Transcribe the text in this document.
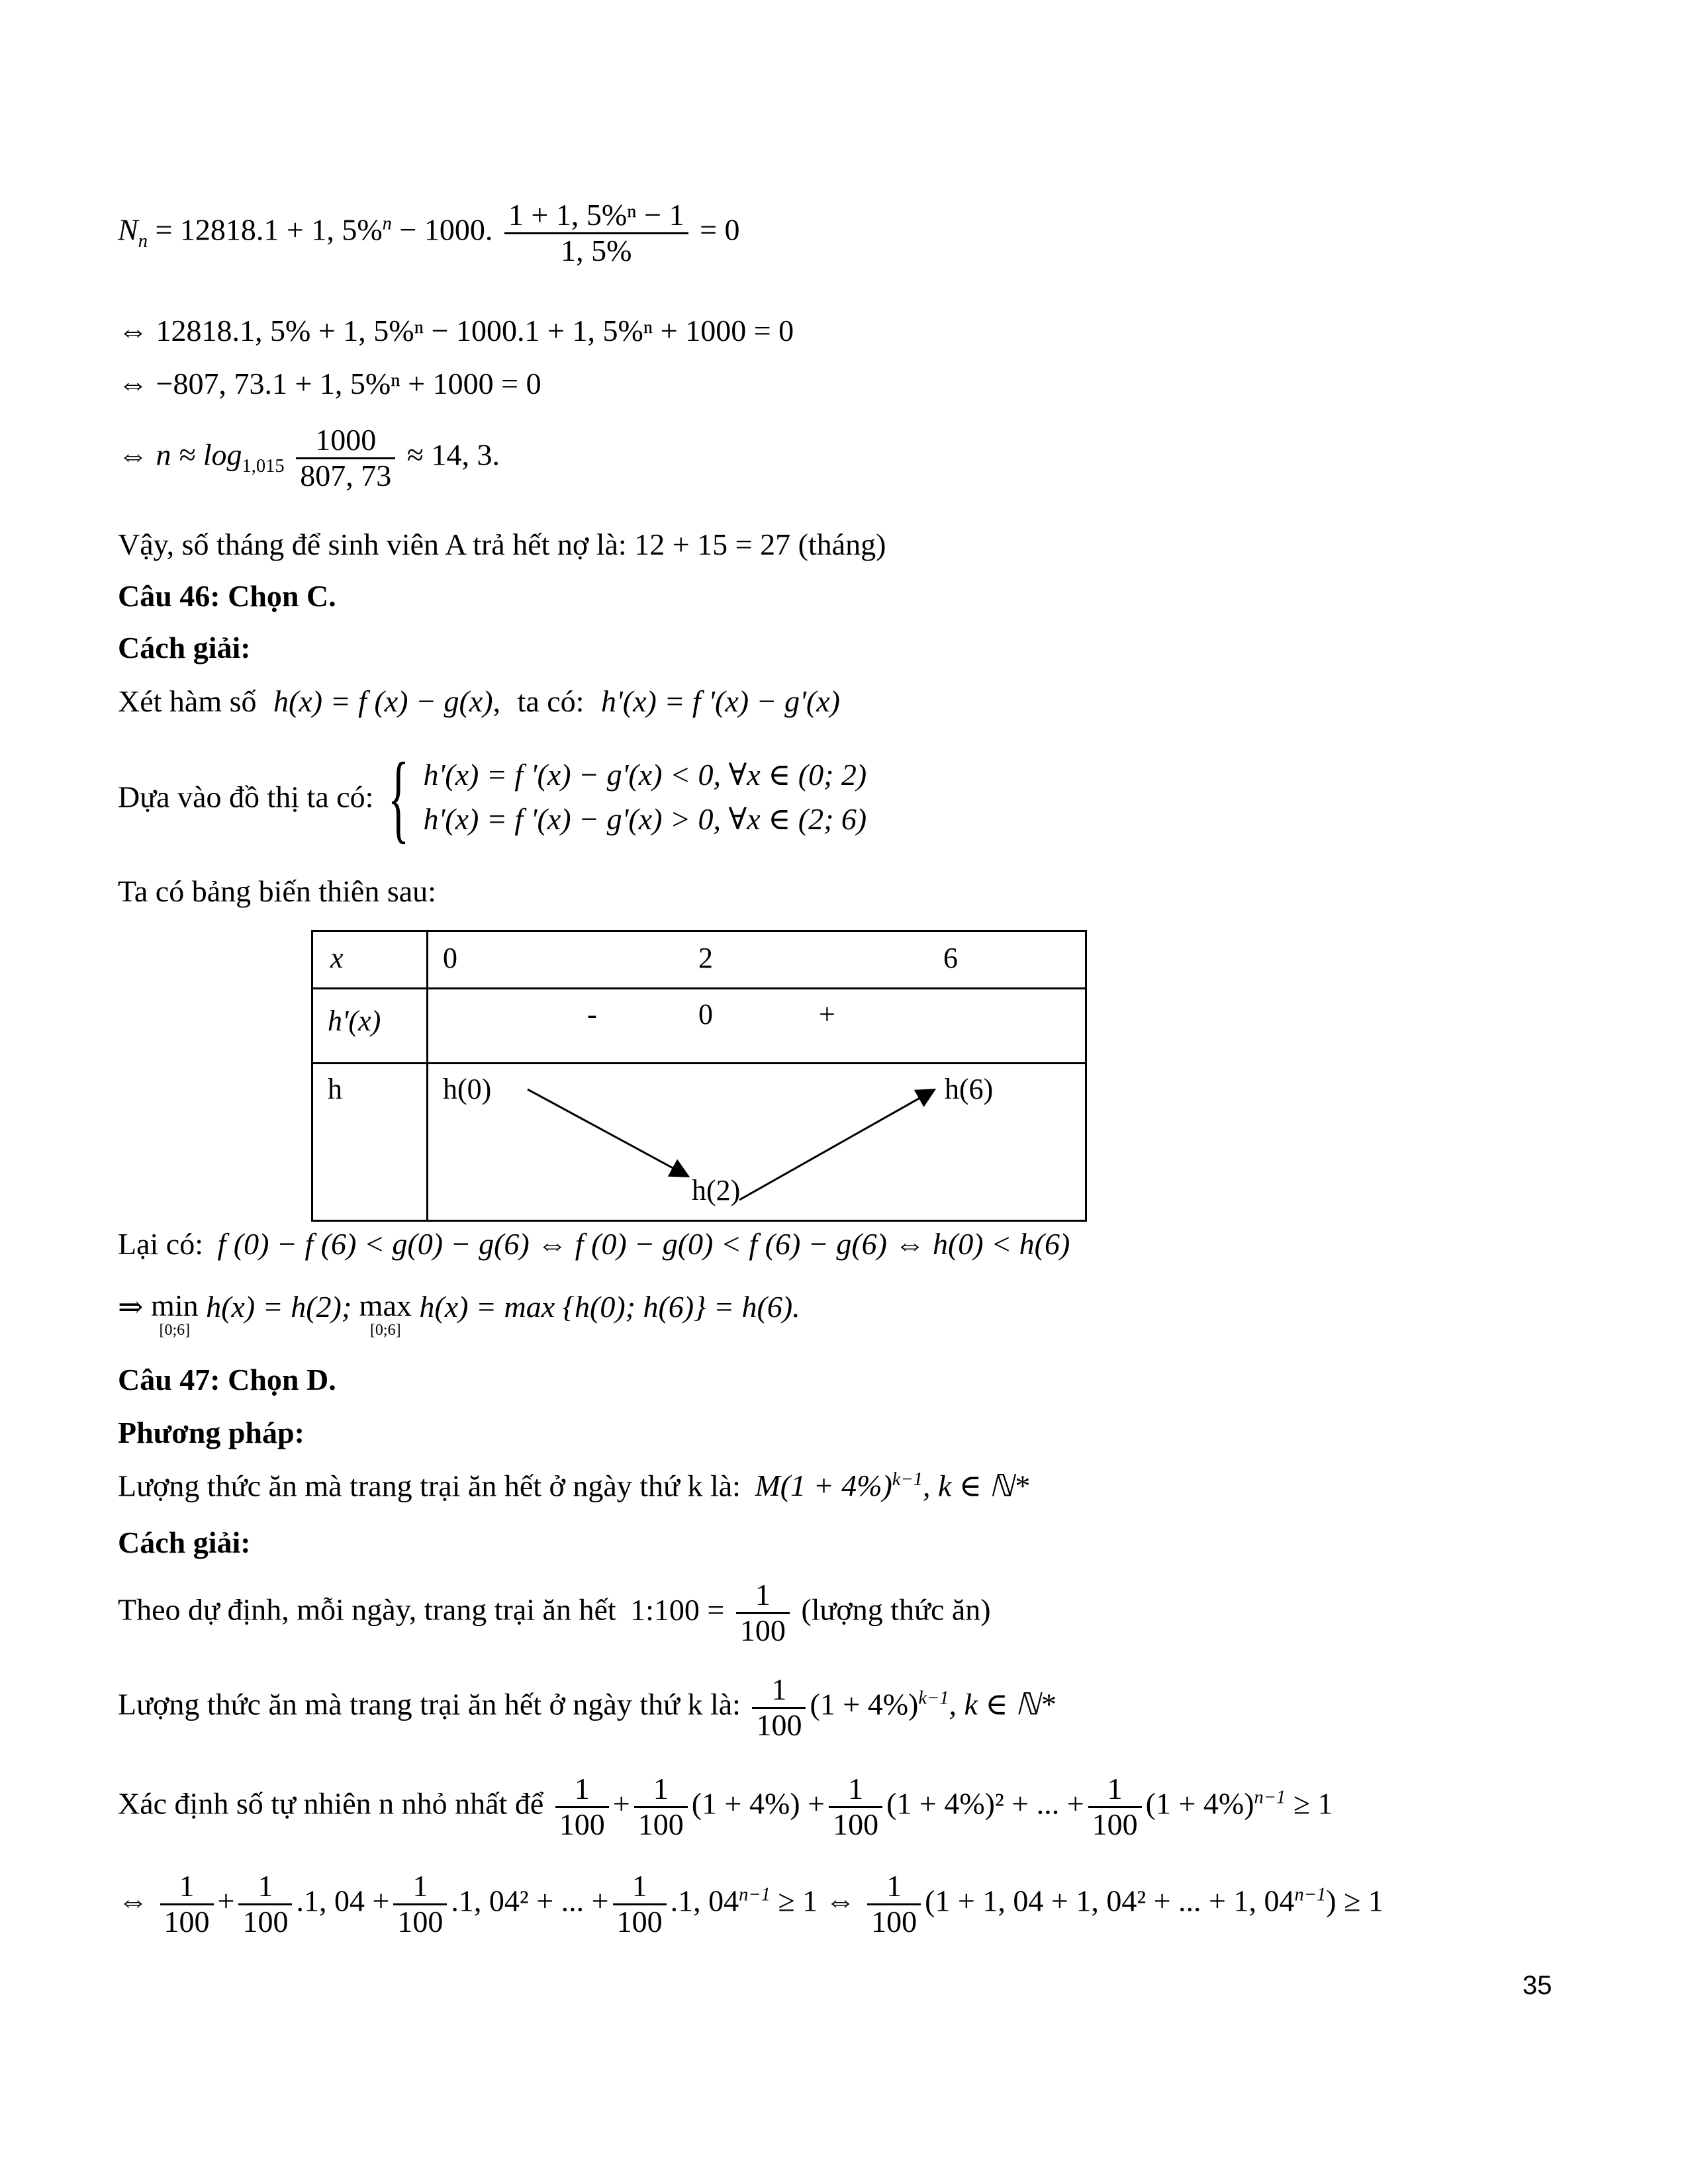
$N_n = 12818.1 + 1$, 5%$^n$ − 1000. $\frac{\text{1 + 1, 5\%ⁿ − 1}}{1, 5\%} = 0$
⇔ 12818.1, 5% + 1, 5%ⁿ − 1000.1 + 1, 5%ⁿ + 1000 = 0
⇔ −807, 73.1 + 1, 5%ⁿ + 1000 = 0
⇔ $n \approx \log_{1,015} \frac{1000}{807, 73} \approx 14$, 3.
Vậy, số tháng để sinh viên A trả hết nợ là: 12 + 15 = 27 (tháng)
Câu 46: Chọn C.
Cách giải:
Xét hàm số h(x) = f (x) − g(x), ta có: h'(x) = f '(x) − g'(x)
Dựa vào đồ thị ta có: { h'(x) = f '(x) − g'(x) < 0, ∀x ∈ (0; 2)
h'(x) = f '(x) − g'(x) > 0, ∀x ∈ (2; 6)
Ta có bảng biến thiên sau:
x	0 2 6

h'(x)	- 0 +

h	h(0) h(6)
h(2)
Lại có: f (0) − f (6) < g(0) − g(6) ⇔ f (0) − g(0) < f (6) − g(6) ⇔ h(0) < h(6)
⇒ min
[0;6]
h(x) = h(2); max
[0;6]
h(x) = max {h(0); h(6)} = h(6).
Câu 47: Chọn D.
Phương pháp:
Lượng thức ăn mà trang trại ăn hết ở ngày thứ k là: $M(1 + 4\%)^{k-1}$, k ∈ ℕ*
Cách giải:
Theo dự định, mỗi ngày, trang trại ăn hết 1:100 = $\frac{1}{100}$ (lượng thức ăn)
Lượng thức ăn mà trang trại ăn hết ở ngày thứ k là: $\frac{1}{100} (1 + 4\%)^{k-1}$, k ∈ ℕ*
Xác định số tự nhiên n nhỏ nhất để $\frac{1}{100} + \frac{1}{100} (1 + 4\%) + \frac{1}{100} (1 + 4\%)^2$ + ... + $\frac{1}{100} (1 + 4\%)^{n-1} \ge 1$
⇔ $\frac{1}{100} + \frac{1}{100} .1$, $04 + \frac{1}{100} .1$, 04² + ... + $\frac{1}{100} .1$, $04^{n-1} \ge 1$ ⇔ $\frac{1}{100} (1 + 1$, 04 + 1, 04² + ... + 1, $04^{n-1}) \ge 1$
35
